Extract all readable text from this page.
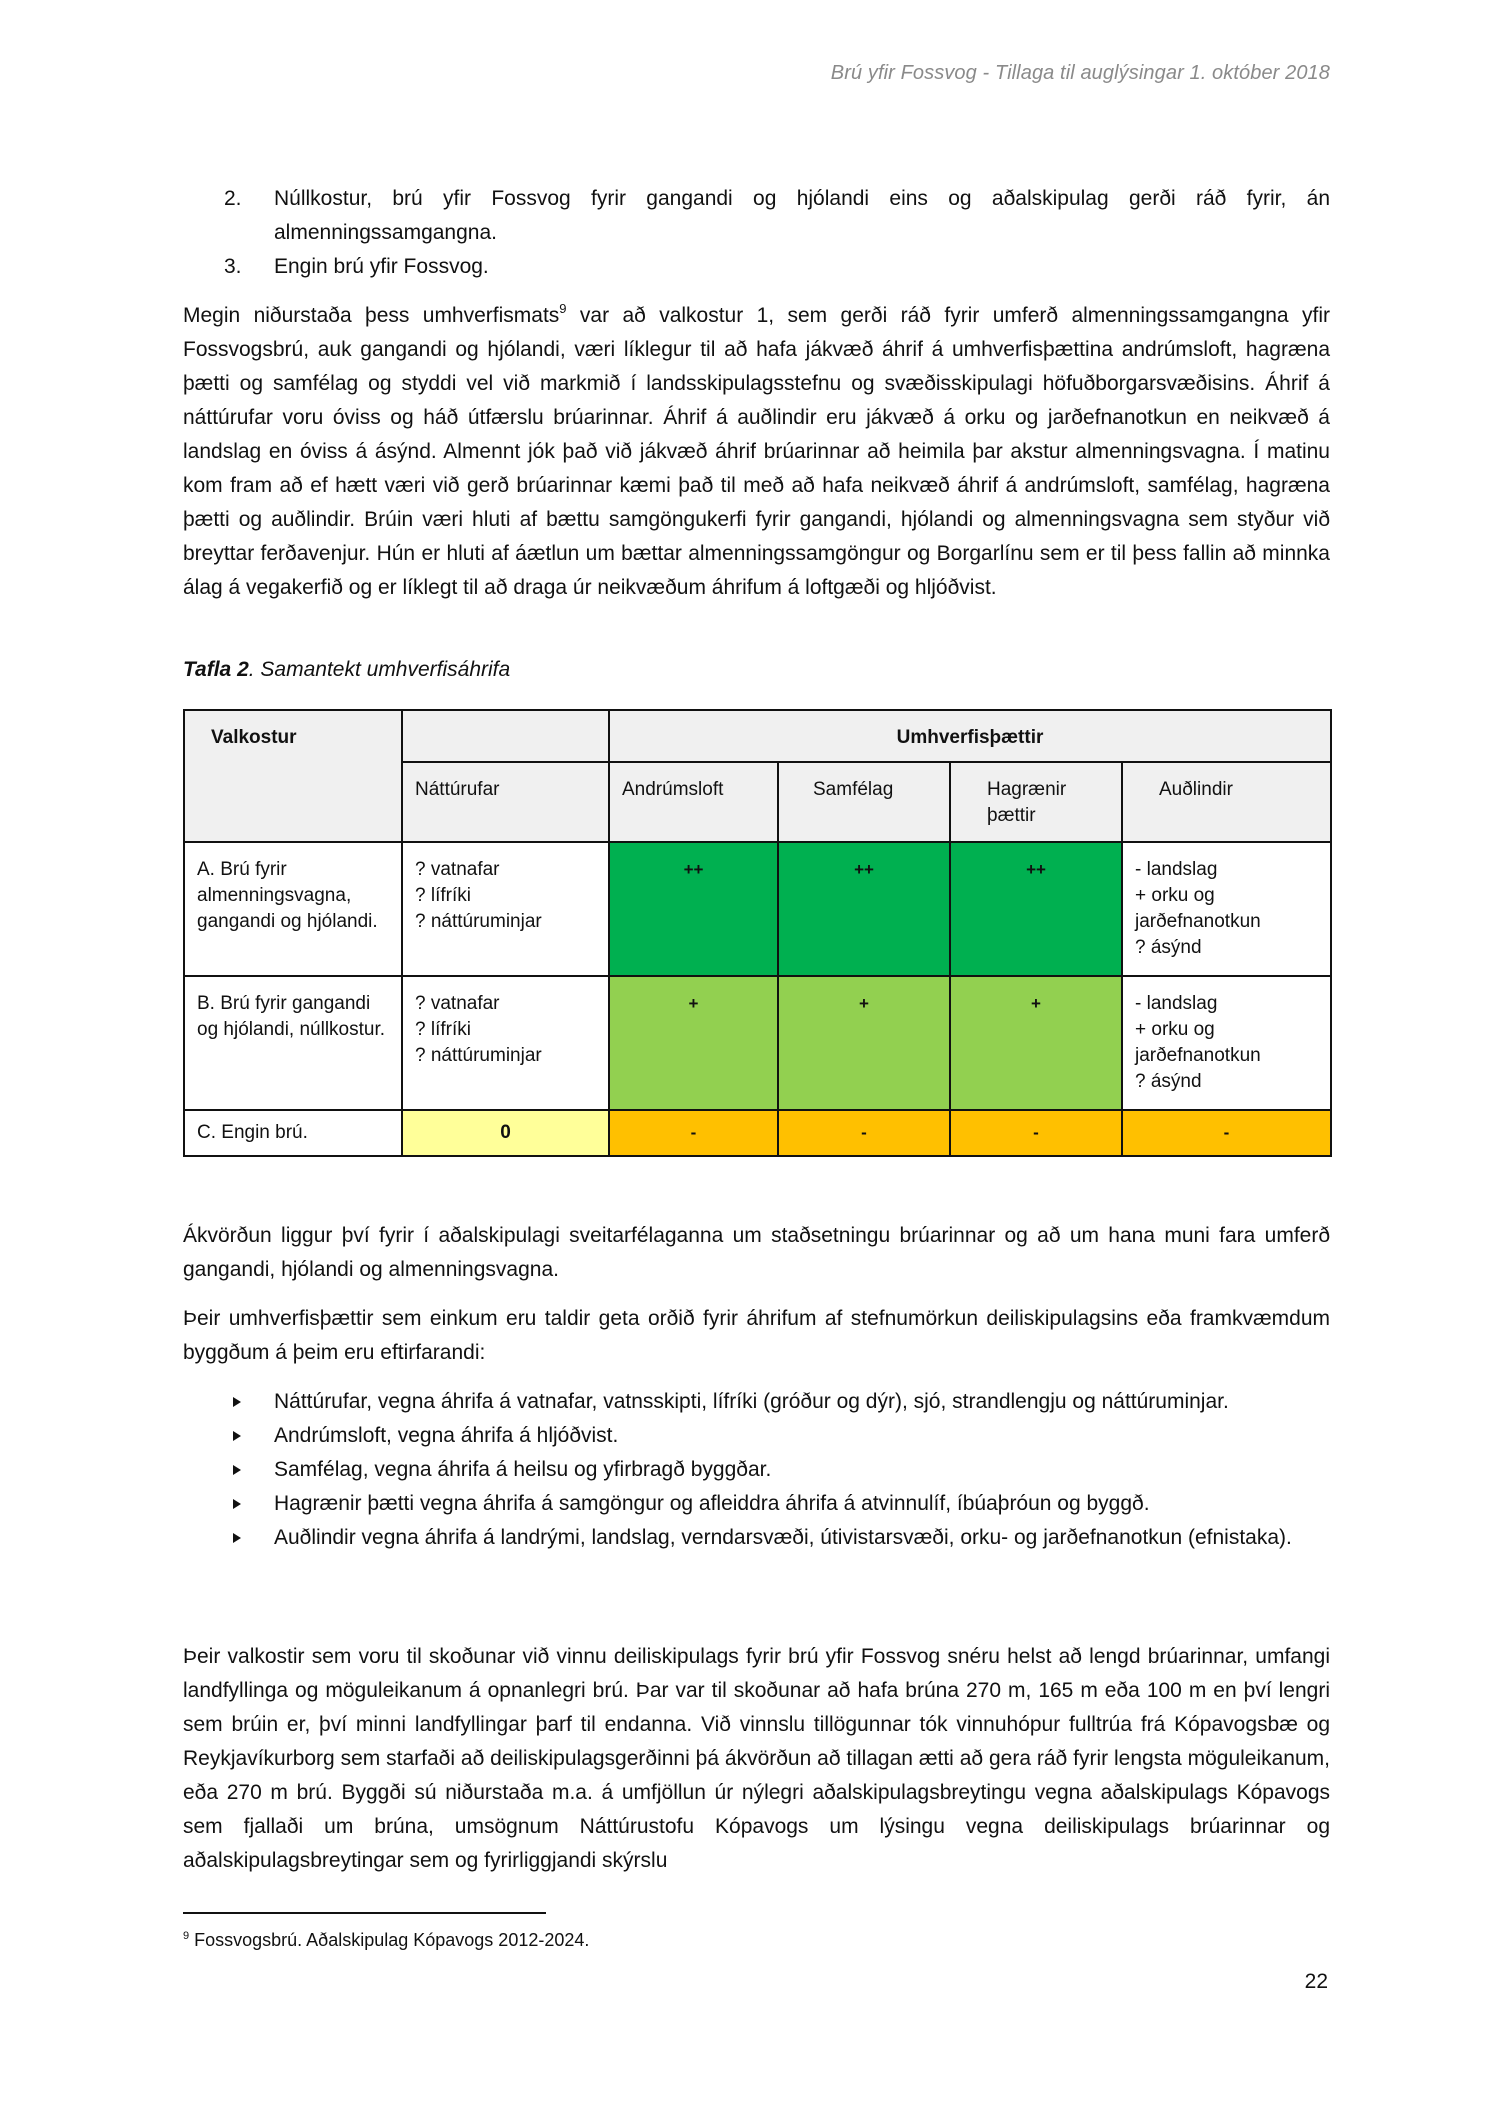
Brú yfir Fossvog - Tillaga til auglýsingar 1. október 2018
2. Núllkostur, brú yfir Fossvog fyrir gangandi og hjólandi eins og aðalskipulag gerði ráð fyrir, án almenningssamgangna.
3. Engin brú yfir Fossvog.

Megin niðurstaða þess umhverfismats$^9$ var að valkostur 1, sem gerði ráð fyrir umferð almenningssamgangna yfir Fossvogsbrú, auk gangandi og hjólandi, væri líklegur til að hafa jákvæð áhrif á umhverfisþættina andrúmsloft, hagræna þætti og samfélag og styddi vel við markmið í landsskipulagsstefnu og svæðisskipulagi höfuðborgarsvæðisins. Áhrif á náttúrufar voru óviss og háð útfærslu brúarinnar. Áhrif á auðlindir eru jákvæð á orku og jarðefnanotkun en neikvæð á landslag en óviss á ásýnd. Almennt jók það við jákvæð áhrif brúarinnar að heimila þar akstur almenningsvagna. Í matinu kom fram að ef hætt væri við gerð brúarinnar kæmi það til með að hafa neikvæð áhrif á andrúmsloft, samfélag, hagræna þætti og auðlindir. Brúin væri hluti af bættu samgöngukerfi fyrir gangandi, hjólandi og almenningsvagna sem styður við breyttar ferðavenjur. Hún er hluti af áætlun um bættar almenningssamgöngur og Borgarlínu sem er til þess fallin að minnka álag á vegakerfið og er líklegt til að draga úr neikvæðum áhrifum á loftgæði og hljóðvist.

Tafla 2. Samantekt umhverfisáhrifa
Valkostur		Umhverfisþættir			
	Náttúrufar	Andrúmsloft	Samfélag	Hagrænir þættir	Auðlindir
A. Brú fyrir almenningsvagna, gangandi og hjólandi.	? vatnafar
? lífríki
? náttúruminjar	++	++	++	- landslag
+ orku og
jarðefnanotkun
? ásýnd

B. Brú fyrir gangandi og hjólandi, núllkostur.	? vatnafar
? lífríki
? náttúruminjar	+	+	+	- landslag
+ orku og
jarðefnanotkun
? ásýnd

C. Engin brú.	0	-	-	-	-

Ákvörðun liggur því fyrir í aðalskipulagi sveitarfélaganna um staðsetningu brúarinnar og að um hana muni fara umferð gangandi, hjólandi og almenningsvagna.

Þeir umhverfisþættir sem einkum eru taldir geta orðið fyrir áhrifum af stefnumörkun deiliskipulagsins eða framkvæmdum byggðum á þeim eru eftirfarandi:

Náttúrufar, vegna áhrifa á vatnafar, vatnsskipti, lífríki (gróður og dýr), sjó, strandlengju og náttúruminjar.
Andrúmsloft, vegna áhrifa á hljóðvist.
Samfélag, vegna áhrifa á heilsu og yfirbragð byggðar.
Hagrænir þætti vegna áhrifa á samgöngur og afleiddra áhrifa á atvinnulíf, íbúaþróun og byggð.
Auðlindir vegna áhrifa á landrými, landslag, verndarsvæði, útivistarsvæði, orku- og jarðefnanotkun (efnistaka).

Þeir valkostir sem voru til skoðunar við vinnu deiliskipulags fyrir brú yfir Fossvog snéru helst að lengd brúarinnar, umfangi landfyllinga og möguleikanum á opnanlegri brú. Þar var til skoðunar að hafa brúna 270 m, 165 m eða 100 m en því lengri sem brúin er, því minni landfyllingar þarf til endanna. Við vinnslu tillögunnar tók vinnuhópur fulltrúa frá Kópavogsbæ og Reykjavíkurborg sem starfaði að deiliskipulagsgerðinni þá ákvörðun að tillagan ætti að gera ráð fyrir lengsta möguleikanum, eða 270 m brú. Byggði sú niðurstaða m.a. á umfjöllun úr nýlegri aðalskipulagsbreytingu vegna aðalskipulags Kópavogs sem fjallaði um brúna, umsögnum Náttúrustofu Kópavogs um lýsingu vegna deiliskipulags brúarinnar og aðalskipulagsbreytingar sem og fyrirliggjandi skýrslu

$^9$ Fossvogsbrú. Aðalskipulag Kópavogs 2012-2024.
22
